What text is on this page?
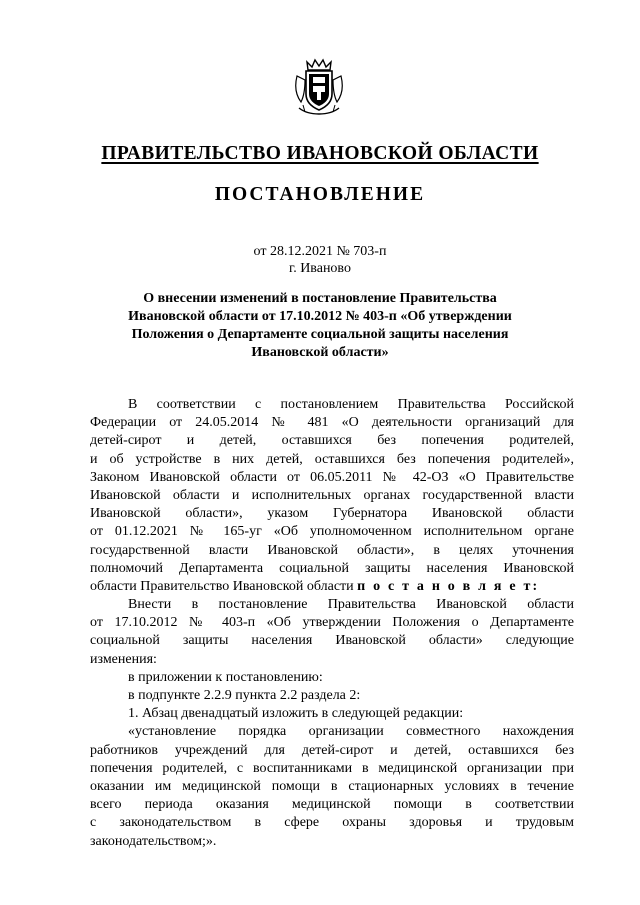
ПРАВИТЕЛЬСТВО ИВАНОВСКОЙ ОБЛАСТИ
ПОСТАНОВЛЕНИЕ
от 28.12.2021 № 703-п
г. Иваново
О внесении изменений в постановление Правительства
Ивановской области от 17.10.2012 № 403-п «Об утверждении
Положения о Департаменте социальной защиты населения
Ивановской области»
В соответствии с постановлением Правительства Российской
Федерации от 24.05.2014 № 481 «О деятельности организаций для
детей-сирот и детей, оставшихся без попечения родителей,
и об устройстве в них детей, оставшихся без попечения родителей»,
Законом Ивановской области от 06.05.2011 № 42-ОЗ «О Правительстве
Ивановской области и исполнительных органах государственной власти
Ивановской области», указом Губернатора Ивановской области
от 01.12.2021 № 165-уг «Об уполномоченном исполнительном органе
государственной власти Ивановской области», в целях уточнения
полномочий Департамента социальной защиты населения Ивановской
области Правительство Ивановской области п о с т а н о в л я е т:
Внести в постановление Правительства Ивановской области
от 17.10.2012 № 403-п «Об утверждении Положения о Департаменте
социальной защиты населения Ивановской области» следующие
изменения:
в приложении к постановлению:
в подпункте 2.2.9 пункта 2.2 раздела 2:
1. Абзац двенадцатый изложить в следующей редакции:
«установление порядка организации совместного нахождения
работников учреждений для детей-сирот и детей, оставшихся без
попечения родителей, с воспитанниками в медицинской организации при
оказании им медицинской помощи в стационарных условиях в течение
всего периода оказания медицинской помощи в соответствии
с законодательством в сфере охраны здоровья и трудовым
законодательством;».
